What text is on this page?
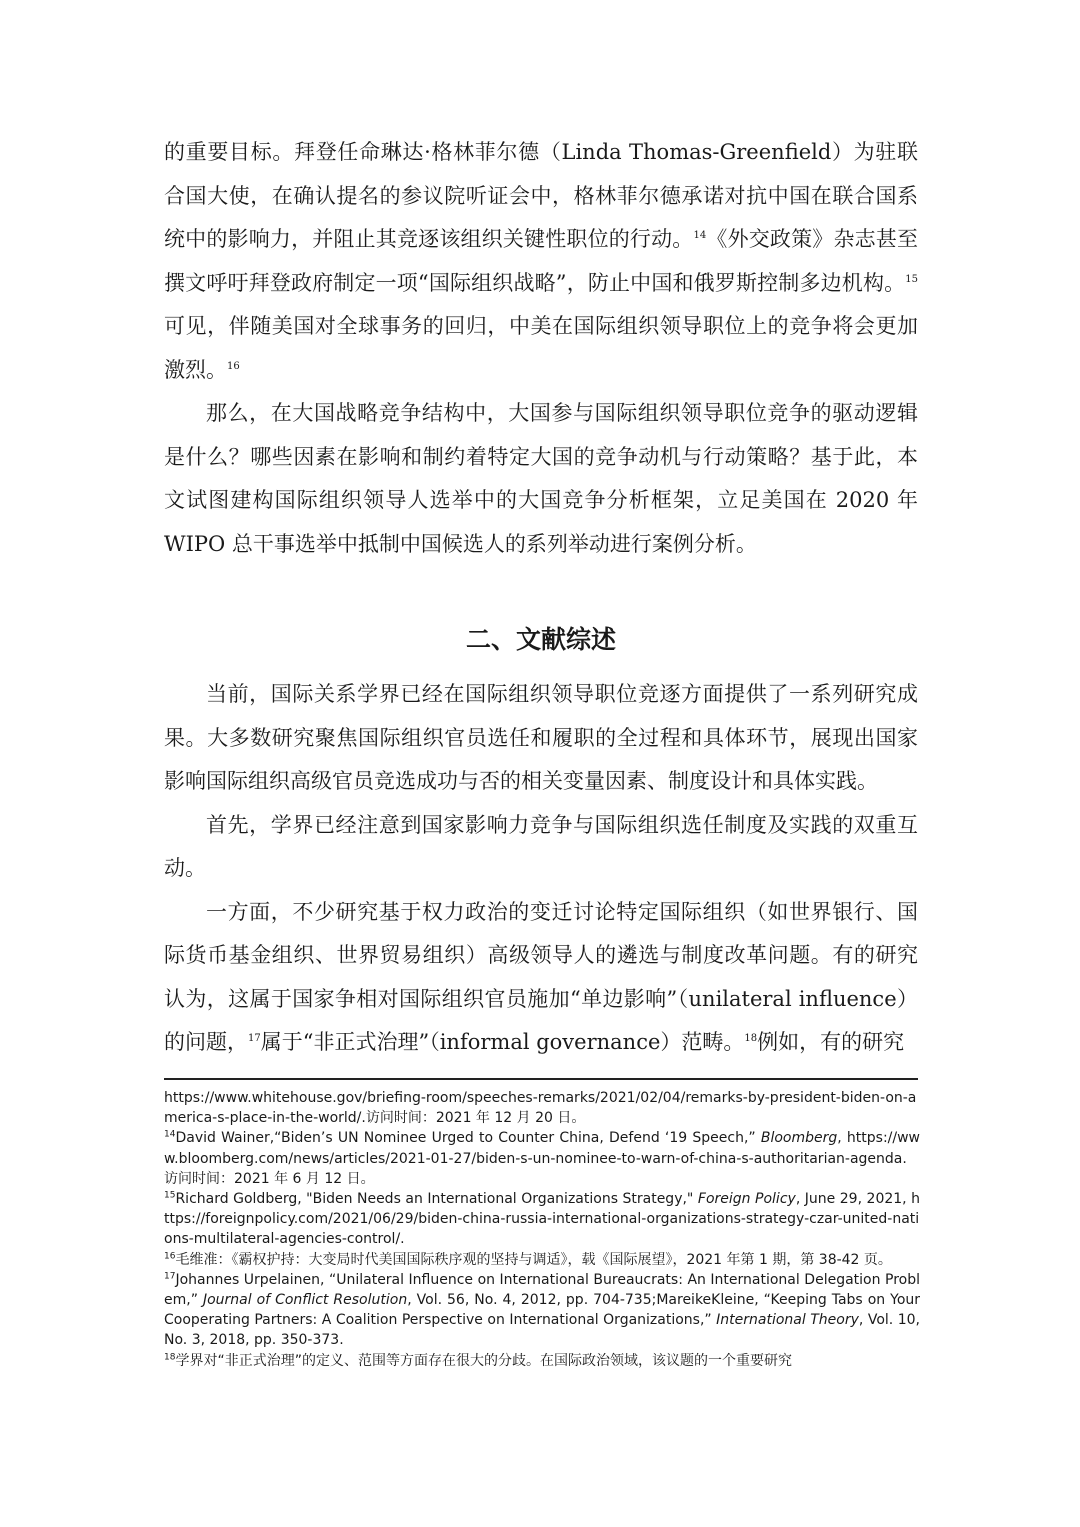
的重要目标。拜登任命琳达·格林菲尔德（Linda Thomas-Greenfield）为驻联合国大使，在确认提名的参议院听证会中，格林菲尔德承诺对抗中国在联合国系统中的影响力，并阻止其竞逐该组织关键性职位的行动。$^{14}$《外交政策》杂志甚至撰文呼吁拜登政府制定一项“国际组织战略”，防止中国和俄罗斯控制多边机构。$^{15}$可见，伴随美国对全球事务的回归，中美在国际组织领导职位上的竞争将会更加激烈。$^{16}$

那么，在大国战略竞争结构中，大国参与国际组织领导职位竞争的驱动逻辑是什么？哪些因素在影响和制约着特定大国的竞争动机与行动策略？基于此，本文试图建构国际组织领导人选举中的大国竞争分析框架，立足美国在 2020 年 WIPO 总干事选举中抵制中国候选人的系列举动进行案例分析。

二、文献综述

当前，国际关系学界已经在国际组织领导职位竞逐方面提供了一系列研究成果。大多数研究聚焦国际组织官员选任和履职的全过程和具体环节，展现出国家影响国际组织高级官员竞选成功与否的相关变量因素、制度设计和具体实践。

首先，学界已经注意到国家影响力竞争与国际组织选任制度及实践的双重互动。

一方面，不少研究基于权力政治的变迁讨论特定国际组织（如世界银行、国际货币基金组织、世界贸易组织）高级领导人的遴选与制度改革问题。有的研究认为，这属于国家争相对国际组织官员施加“单边影响”（unilateral influence）的问题，$^{17}$属于“非正式治理”（informal governance）范畴。$^{18}$例如，有的研究

https://www.whitehouse.gov/briefing-room/speeches-remarks/2021/02/04/remarks-by-president-biden-on-america-s-place-in-the-world/.访问时间：2021 年 12 月 20 日。

$^{14}$David Wainer,“Biden’s UN Nominee Urged to Counter China, Defend ‘19 Speech,” Bloomberg, https://www.bloomberg.com/news/articles/2021-01-27/biden-s-un-nominee-to-warn-of-china-s-authoritarian-agenda. 访问时间：2021 年 6 月 12 日。

$^{15}$Richard Goldberg, "Biden Needs an International Organizations Strategy," Foreign Policy, June 29, 2021, https://foreignpolicy.com/2021/06/29/biden-china-russia-international-organizations-strategy-czar-united-nations-multilateral-agencies-control/.

$^{16}$毛维准：《霸权护持：大变局时代美国国际秩序观的坚持与调适》，载《国际展望》，2021 年第 1 期，第 38-42 页。

$^{17}$Johannes Urpelainen, “Unilateral Influence on International Bureaucrats: An International Delegation Problem,” Journal of Conflict Resolution, Vol. 56, No. 4, 2012, pp. 704-735;MareikeKleine, “Keeping Tabs on Your Cooperating Partners: A Coalition Perspective on International Organizations,” International Theory, Vol. 10, No. 3, 2018, pp. 350-373.

$^{18}$学界对“非正式治理”的定义、范围等方面存在很大的分歧。在国际政治领域，该议题的一个重要研究
